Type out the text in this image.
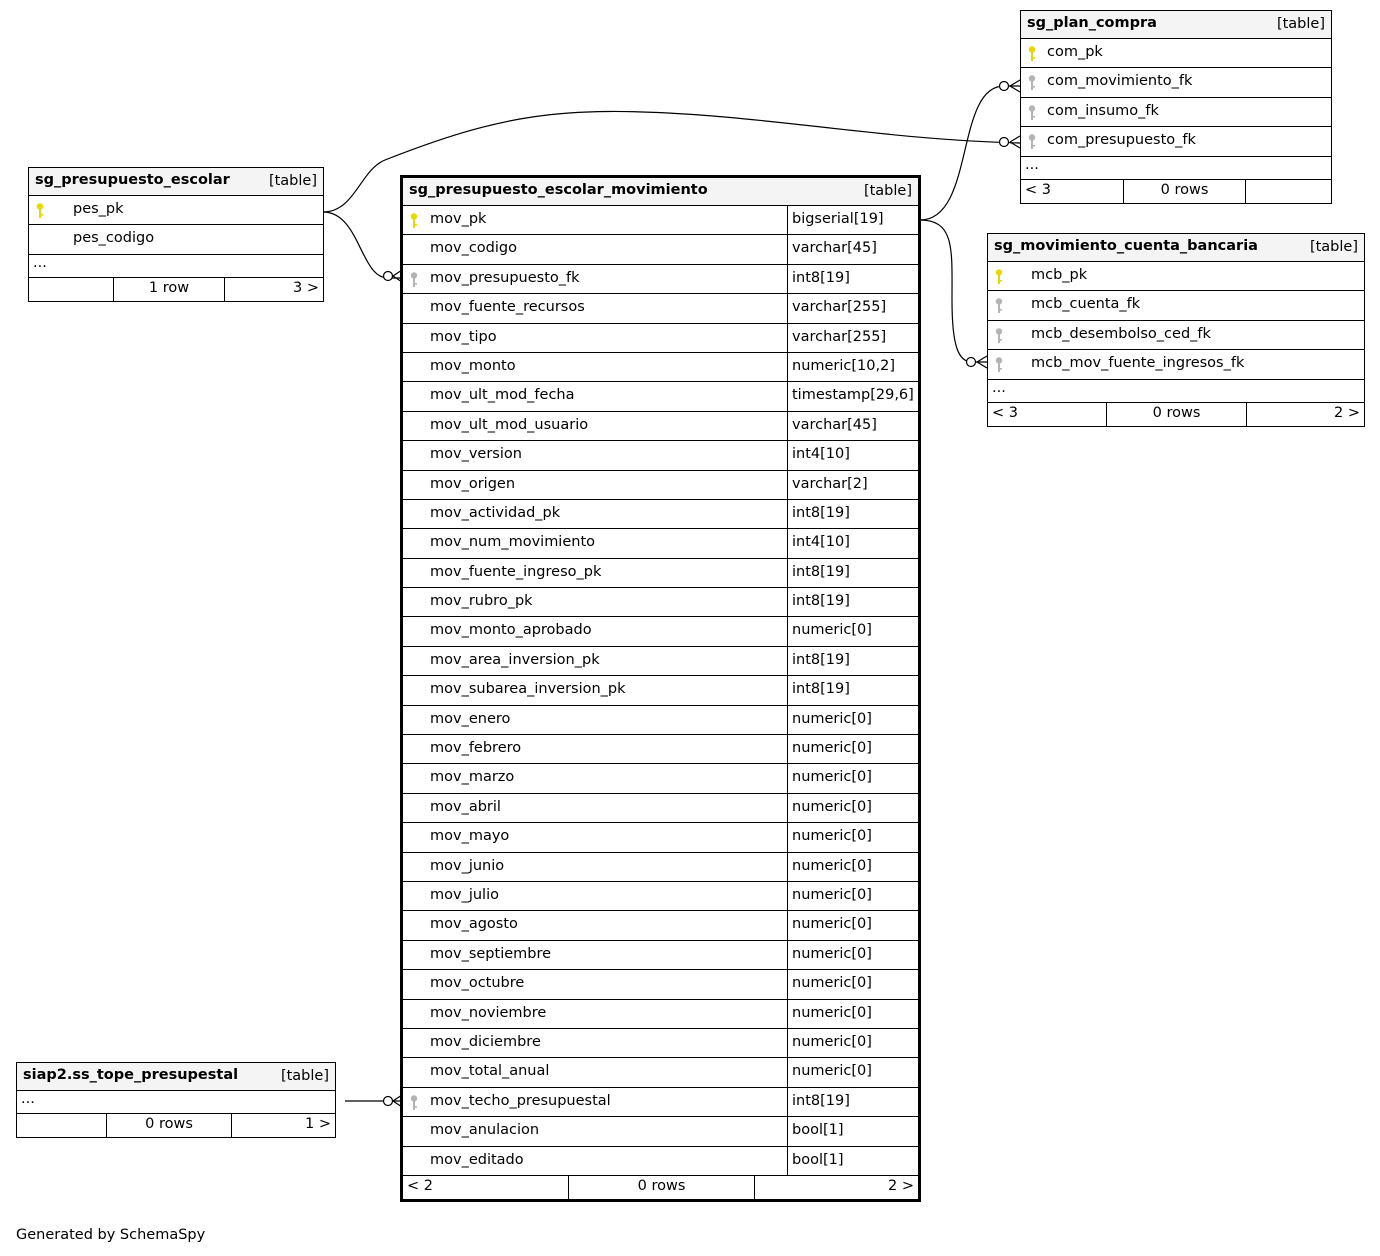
sg_presupuesto_escolar	[table]
pes_pk
pes_codigo
...
1 row	3 >
sg_presupuesto_escolar_movimiento	[table]
mov_pk	bigserial[19]
mov_codigo	varchar[45]
mov_presupuesto_fk	int8[19]
mov_fuente_recursos	varchar[255]
mov_tipo	varchar[255]
mov_monto	numeric[10,2]
mov_ult_mod_fecha	timestamp[29,6]
mov_ult_mod_usuario	varchar[45]
mov_version	int4[10]
mov_origen	varchar[2]
mov_actividad_pk	int8[19]
mov_num_movimiento	int4[10]
mov_fuente_ingreso_pk	int8[19]
mov_rubro_pk	int8[19]
mov_monto_aprobado	numeric[0]
mov_area_inversion_pk	int8[19]
mov_subarea_inversion_pk	int8[19]
mov_enero	numeric[0]
mov_febrero	numeric[0]
mov_marzo	numeric[0]
mov_abril	numeric[0]
mov_mayo	numeric[0]
mov_junio	numeric[0]
mov_julio	numeric[0]
mov_agosto	numeric[0]
mov_septiembre	numeric[0]
mov_octubre	numeric[0]
mov_noviembre	numeric[0]
mov_diciembre	numeric[0]
mov_total_anual	numeric[0]
mov_techo_presupuestal	int8[19]
mov_anulacion	bool[1]
mov_editado	bool[1]
< 2	0 rows	2 >
sg_plan_compra	[table]
com_pk
com_movimiento_fk
com_insumo_fk
com_presupuesto_fk
...
< 3	0 rows
sg_movimiento_cuenta_bancaria	[table]
mcb_pk
mcb_cuenta_fk
mcb_desembolso_ced_fk
mcb_mov_fuente_ingresos_fk
...
< 3	0 rows	2 >
siap2.ss_tope_presupestal	[table]
...
0 rows	1 >
Generated by SchemaSpy
